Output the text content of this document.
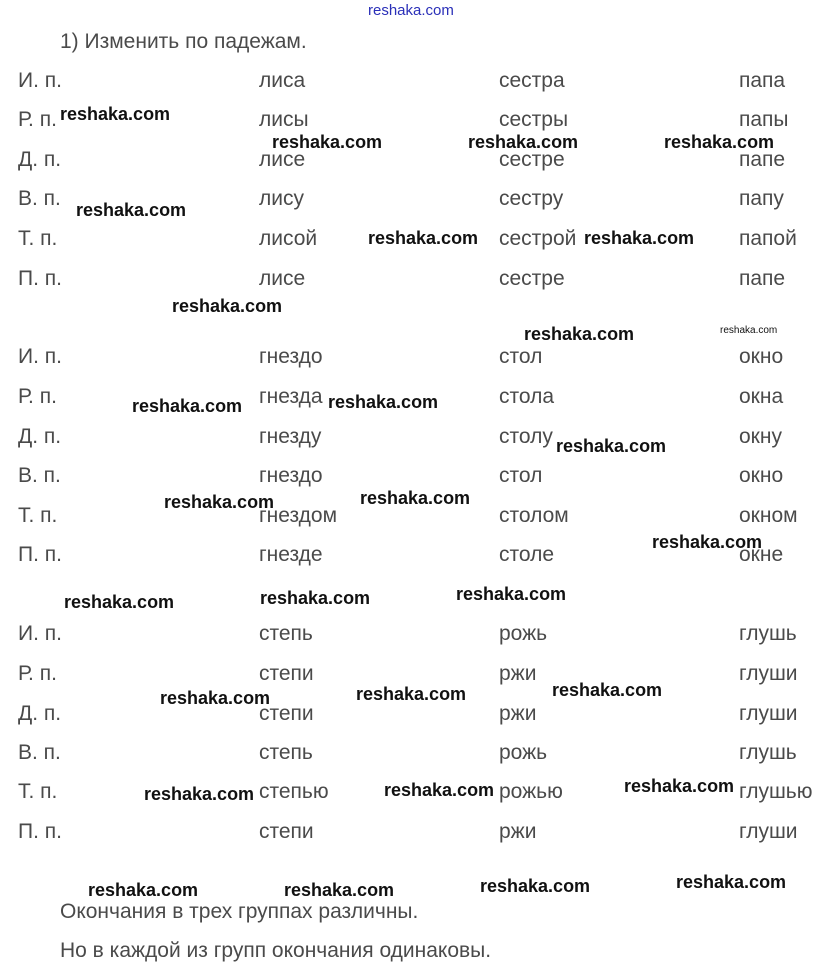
reshaka.com
1) Изменить по падежам.
И. п.	лиса	сестра	папа
Р. п.	лисы	сестры	папы
Д. п.	лисе	сестре	папе
В. п.	лису	сестру	папу
Т. п.	лисой	сестрой	папой
П. п.	лисе	сестре	папе
И. п.	гнездо	стол	окно
Р. п.	гнезда	стола	окна
Д. п.	гнезду	столу	окну
В. п.	гнездо	стол	окно
Т. п.	гнездом	столом	окном
П. п.	гнезде	столе	окне
И. п.	степь	рожь	глушь
Р. п.	степи	ржи	глуши
Д. п.	степи	ржи	глуши
В. п.	степь	рожь	глушь
Т. п.	степью	рожью	глушью
П. п.	степи	ржи	глуши
reshaka.com
reshaka.com	reshaka.com	reshaka.com
reshaka.com
reshaka.com	reshaka.com
reshaka.com
reshaka.com	reshaka.com
reshaka.com	reshaka.com
reshaka.com
reshaka.com	reshaka.com
reshaka.com
reshaka.com	reshaka.com	reshaka.com
reshaka.com	reshaka.com	reshaka.com
reshaka.com	reshaka.com	reshaka.com
reshaka.com	reshaka.com	reshaka.com	reshaka.com
Окончания в трех группах различны.
Но в каждой из групп окончания одинаковы.
